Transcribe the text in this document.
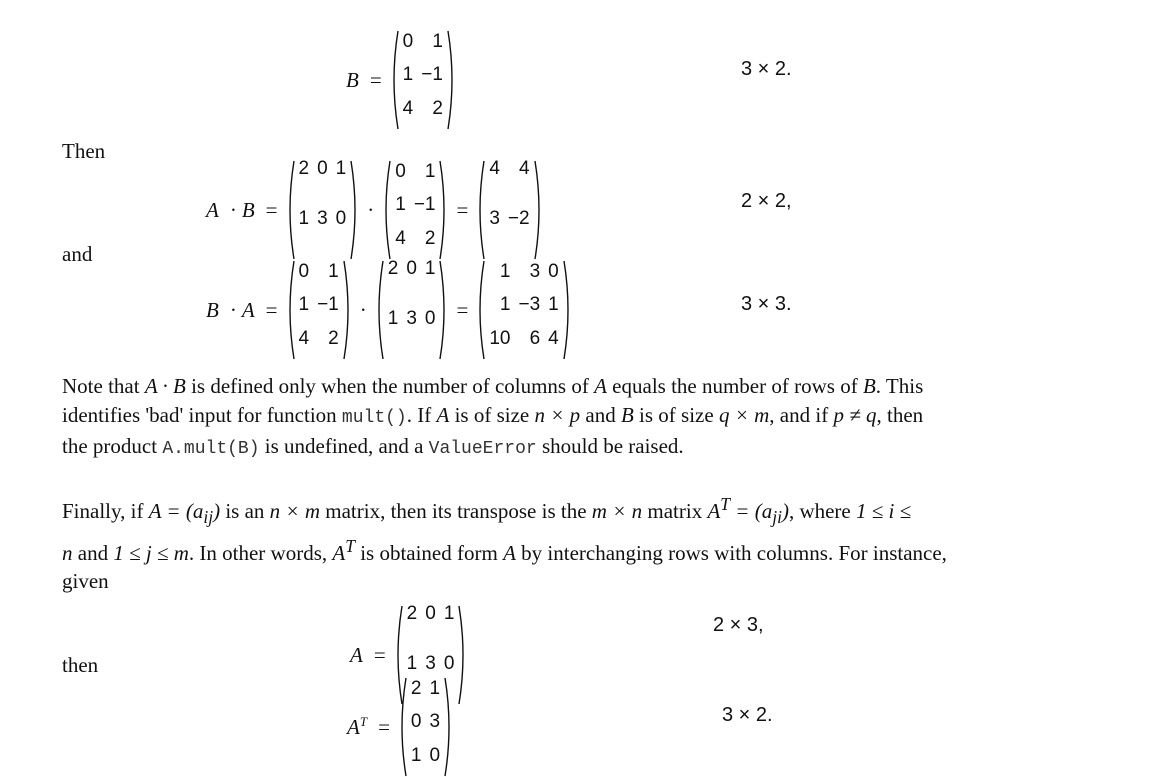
B =
0	1
1 −1
4	2
3 × 2.
Then
A · B =
2 0 1
1 3 0 ·
0	1
1 −1
4	2
=
4	4
3 −2
2 × 2,
and
B · A =
0	1
1 −1
4	2
·
2 0 1
1 3 0 =
1	3 0
1 −3 1
10	6 4
3 × 3.
Note that A · B is defined only when the number of columns of A equals the number of rows of B. This
identifies 'bad' input for function mult(). If A is of size n × p and B is of size q × m, and if p ≠ q, then
the product A.mult(B) is undefined, and a ValueError should be raised.
Finally, if $A = (a_{ij})$ is an n × m matrix, then its transpose is the m × n matrix $A^T = (a_{ji})$, where 1 ≤ i ≤
n and 1 ≤ j ≤ m. In other words, $A^T$ is obtained form A by interchanging rows with columns. For instance,
given
A =
2 0 1
1 3 0
2 × 3,
then
$A^T$ =
2 1
0 3
1 0
3 × 2.
